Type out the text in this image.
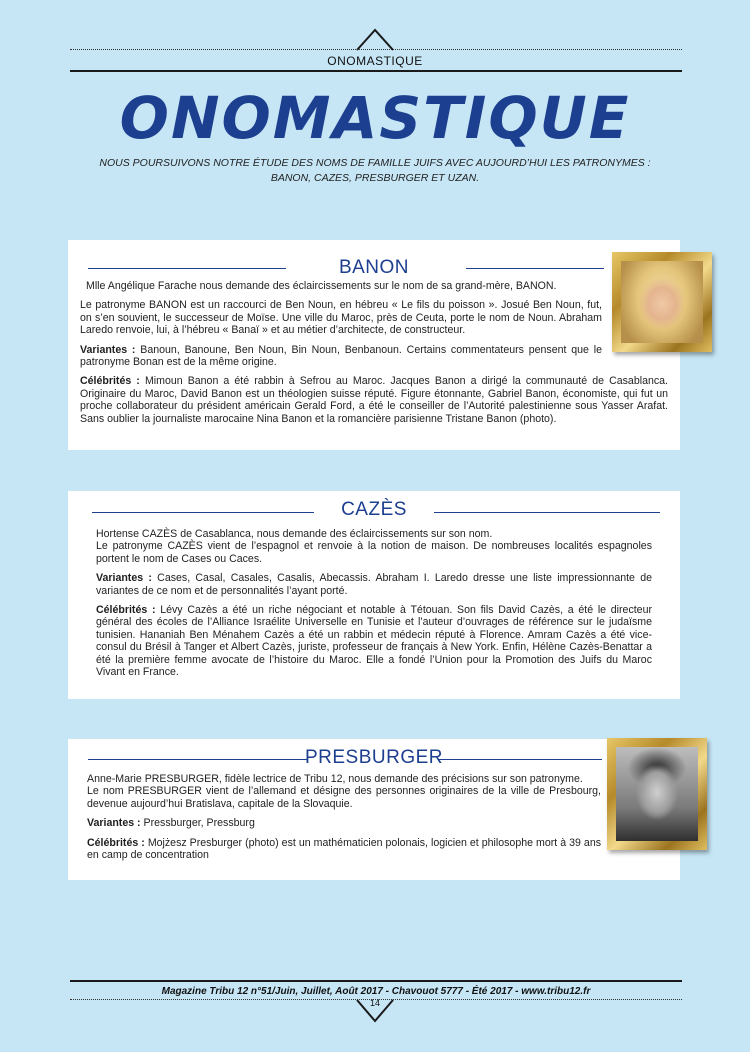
ONOMASTIQUE
ONOMASTIQUE
NOUS POURSUIVONS NOTRE ÉTUDE DES NOMS DE FAMILLE JUIFS AVEC AUJOURD’HUI LES PATRONYMES :
BANON, CAZES, PRESBURGER ET UZAN.
BANON

Mlle Angélique Farache nous demande des éclaircissements sur le nom de sa grand-mère, BANON.

Le patronyme BANON est un raccourci de Ben Noun, en hébreu « Le fils du poisson ». Josué Ben Noun, fut, on s’en souvient, le successeur de Moïse. Une ville du Maroc, près de Ceuta, porte le nom de Noun. Abraham Laredo renvoie, lui, à l’hébreu « Banaï » et au métier d’architecte, de constructeur.

Variantes : Banoun, Banoune, Ben Noun, Bin Noun, Benbanoun. Certains commentateurs pensent que le patronyme Bonan est de la même origine.

Célébrités : Mimoun Banon a été rabbin à Sefrou au Maroc. Jacques Banon a dirigé la communauté de Casablanca. Originaire du Maroc, David Banon est un théologien suisse réputé. Figure étonnante, Gabriel Banon, économiste, qui fut un proche collaborateur du président américain Gerald Ford, a été le conseiller de l’Autorité palestinienne sous Yasser Arafat. Sans oublier la journaliste marocaine Nina Banon et la romancière parisienne Tristane Banon (photo).

CAZÈS

Hortense CAZÈS de Casablanca, nous demande des éclaircissements sur son nom.

Le patronyme CAZÈS vient de l’espagnol et renvoie à la notion de maison. De nombreuses localités espagnoles portent le nom de Cases ou Caces.

Variantes : Cases, Casal, Casales, Casalis, Abecassis. Abraham I. Laredo dresse une liste impressionnante de variantes de ce nom et de personnalités l’ayant porté.

Célébrités : Lévy Cazès a été un riche négociant et notable à Tétouan. Son fils David Cazès, a été le directeur général des écoles de l’Alliance Israélite Universelle en Tunisie et l’auteur d’ouvrages de référence sur le judaïsme tunisien. Hananiah Ben Ménahem Cazès a été un rabbin et médecin réputé à Florence. Amram Cazès a été vice-consul du Brésil à Tanger et Albert Cazès, juriste, professeur de français à New York. Enfin, Hélène Cazès-Benattar a été la première femme avocate de l’histoire du Maroc. Elle a fondé l’Union pour la Promotion des Juifs du Maroc Vivant en France.

PRESBURGER

Anne-Marie PRESBURGER, fidèle lectrice de Tribu 12, nous demande des précisions sur son patronyme.

Le nom PRESBURGER vient de l’allemand et désigne des personnes originaires de la ville de Presbourg, devenue aujourd’hui Bratislava, capitale de la Slovaquie.

Variantes : Pressburger, Pressburg

Célébrités : Mojżesz Presburger (photo) est un mathématicien polonais, logicien et philosophe mort à 39 ans en camp de concentration

Magazine Tribu 12 n°51/Juin, Juillet, Août 2017 - Chavouot 5777 - Été 2017 - www.tribu12.fr
14
